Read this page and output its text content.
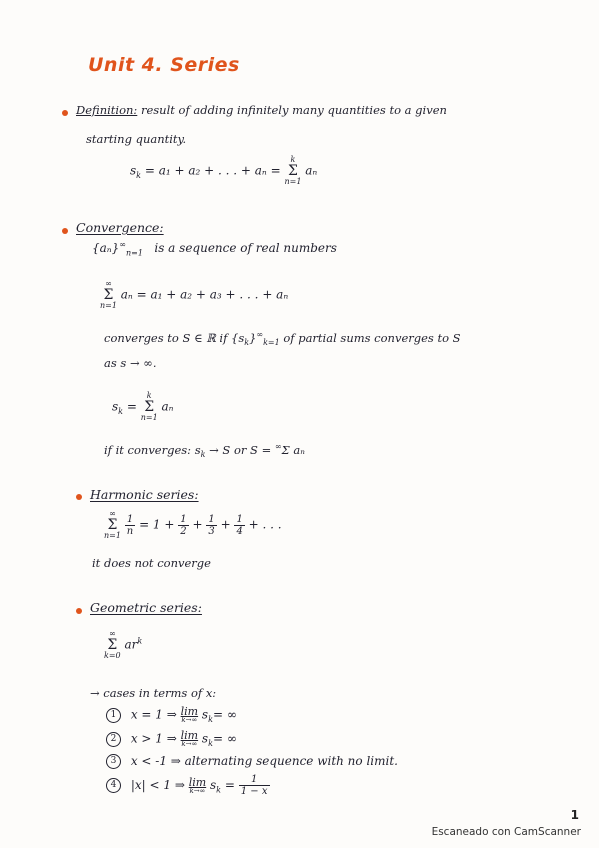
Unit 4. Series
Definition: result of adding infinitely many quantities to a given
starting quantity.
$s_k = a_1 + a_2$ + . . . + aₙ =
k
Σ
n=1
aₙ
Convergence:
$\{a_n\}^\infty_{n=1}$ is a sequence of real numbers
∞
Σ
n=1
aₙ = a₁ + a₂ + a₃ + . . . + aₙ
converges to S ∈ ℝ if $\{s_k\}^\infty_{k=1}$ of partial sums converges to S
as s → ∞.
$s_k$ =
k
Σ
n=1
aₙ
if it converges: $s_k \to S$ or S = ∞Σ aₙ
Harmonic series:
∞
Σ
n=1
$\frac{1}{n} = 1 + \frac{1}{2} + \frac{1}{3} + \frac{1}{4}$ + . . .
it does not converge
Geometric series:
∞
Σ
k=0
$ar^k$
→ cases in terms of x:
1 x = 1 ⇒ lim
k→∞ $s_k=$ ∞
2 x > 1 ⇒ lim
k→∞ $s_k=$ ∞
3 x < -1 ⇒ alternating sequence with no limit.
4 |x| < 1 ⇒ lim
k→∞ $s_k = \frac{1}{1 - x}$
1
Escaneado con CamScanner
